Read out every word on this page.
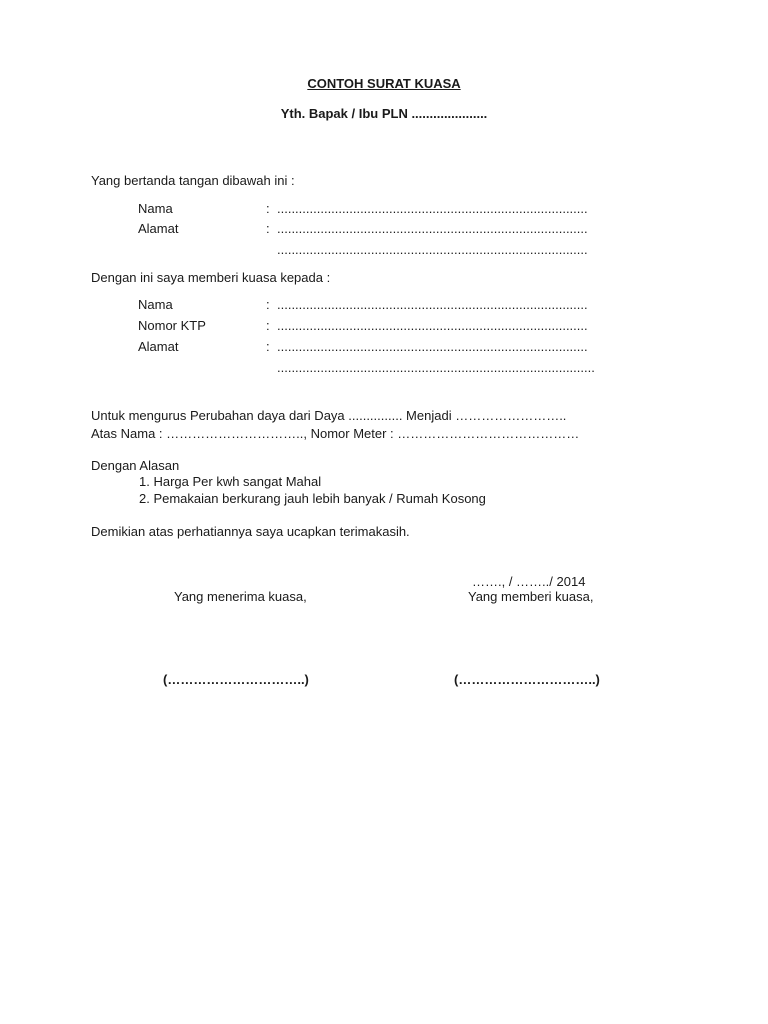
CONTOH SURAT KUASA
Yth. Bapak / Ibu PLN .....................
Yang bertanda tangan dibawah ini :
Nama	: ......................................................................................
Alamat	: ......................................................................................
......................................................................................
Dengan ini saya memberi kuasa kepada :
Nama	: ......................................................................................
Nomor KTP	: ......................................................................................
Alamat	: ......................................................................................
........................................................................................
Untuk mengurus Perubahan daya dari Daya ............... Menjadi ……………………..
Atas Nama : ………………………….., Nomor Meter : ……………………………………
Dengan Alasan
1. Harga Per kwh sangat Mahal
2. Pemakaian berkurang jauh lebih banyak / Rumah Kosong
Demikian atas perhatiannya saya ucapkan terimakasih.
……., / ……../ 2014
Yang menerima kuasa,	Yang memberi kuasa,
(…………………………..)	(…………………………..)
